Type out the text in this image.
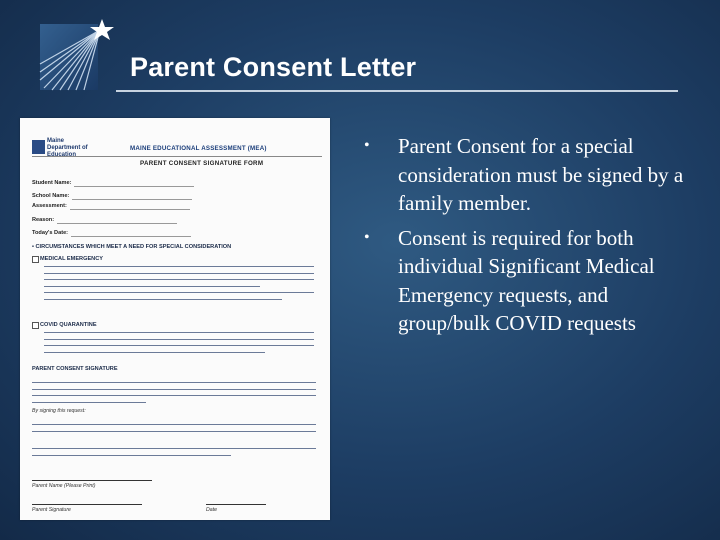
Parent Consent Letter
Maine Department of Education
MAINE EDUCATIONAL ASSESSMENT (MEA)
PARENT CONSENT SIGNATURE FORM
Student Name:
School Name:
Assessment:
Reason:
Today's Date:
• CIRCUMSTANCES WHICH MEET A NEED FOR SPECIAL CONSIDERATION
MEDICAL EMERGENCY
COVID QUARANTINE
PARENT CONSENT SIGNATURE
By signing this request:
Parent Name (Please Print)
Parent Signature	Date
• Parent Consent for a special consideration must be signed by a family member.
• Consent is required for both individual Significant Medical Emergency requests, and group/bulk COVID requests
